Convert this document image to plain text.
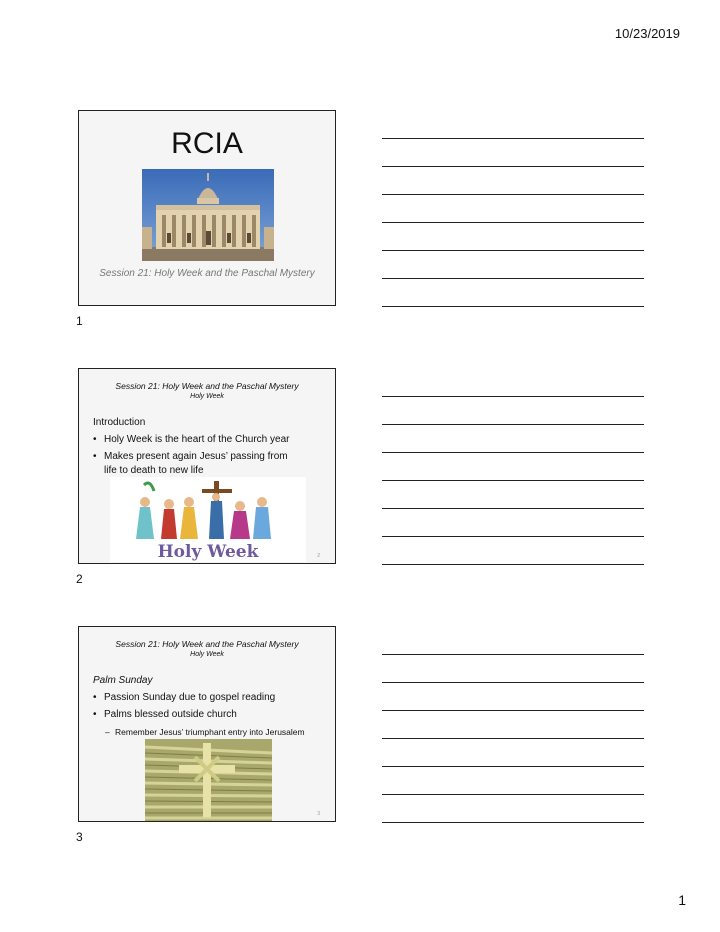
10/23/2019
RCIA
Session 21: Holy Week and the Paschal Mystery
1
Session 21: Holy Week and the Paschal Mystery
Holy Week
Introduction
• Holy Week is the heart of the Church year
• Makes present again Jesus’ passing from life to death to new life
Holy Week	2
2
Session 21: Holy Week and the Paschal Mystery
Holy Week
Palm Sunday
• Passion Sunday due to gospel reading
• Palms blessed outside church
– Remember Jesus’ triumphant entry into Jerusalem
3
3
1
